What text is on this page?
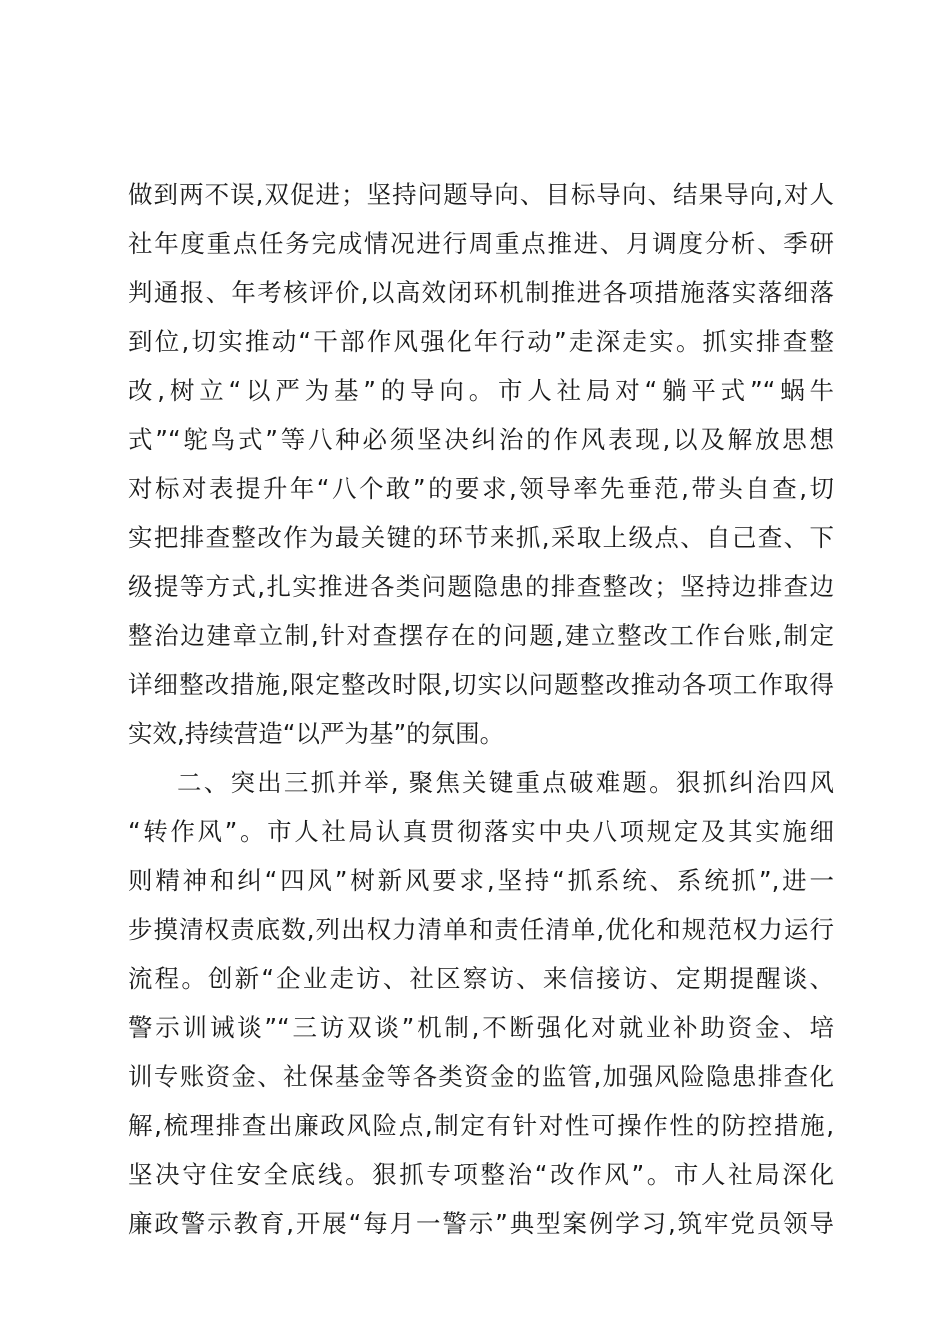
做到两不误,双促进；坚持问题导向、目标导向、结果导向,对人
社年度重点任务完成情况进行周重点推进、月调度分析、季研
判通报、年考核评价,以高效闭环机制推进各项措施落实落细落
到位,切实推动“干部作风强化年行动”走深走实。抓实排查整
改,树立“以严为基”的导向。市人社局对“躺平式”“蜗牛
式”“鸵鸟式”等八种必须坚决纠治的作风表现,以及解放思想
对标对表提升年“八个敢”的要求,领导率先垂范,带头自查,切
实把排查整改作为最关键的环节来抓,采取上级点、自己查、下
级提等方式,扎实推进各类问题隐患的排查整改；坚持边排查边
整治边建章立制,针对查摆存在的问题,建立整改工作台账,制定
详细整改措施,限定整改时限,切实以问题整改推动各项工作取得
实效,持续营造“以严为基”的氛围。
二、突出三抓并举, 聚焦关键重点破难题。狠抓纠治四风
“转作风”。市人社局认真贯彻落实中央八项规定及其实施细
则精神和纠“四风”树新风要求,坚持“抓系统、系统抓”,进一
步摸清权责底数,列出权力清单和责任清单,优化和规范权力运行
流程。创新“企业走访、社区察访、来信接访、定期提醒谈、
警示训诫谈”“三访双谈”机制,不断强化对就业补助资金、培
训专账资金、社保基金等各类资金的监管,加强风险隐患排查化
解,梳理排查出廉政风险点,制定有针对性可操作性的防控措施,
坚决守住安全底线。狠抓专项整治“改作风”。市人社局深化
廉政警示教育,开展“每月一警示”典型案例学习,筑牢党员领导
